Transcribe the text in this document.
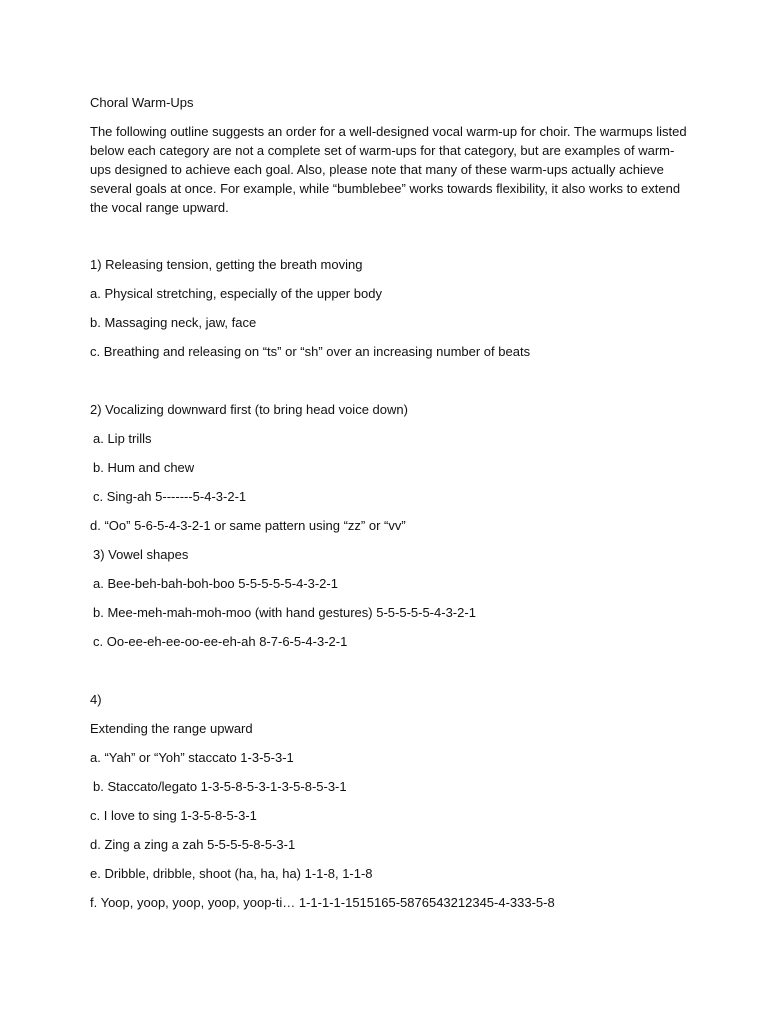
Choral Warm-Ups
The following outline suggests an order for a well-designed vocal warm-up for choir. The warmups listed
below each category are not a complete set of warm-ups for that category, but are examples of warm-
ups designed to achieve each goal. Also, please note that many of these warm-ups actually achieve
several goals at once. For example, while “bumblebee” works towards flexibility, it also works to extend
the vocal range upward.
1) Releasing tension, getting the breath moving
a. Physical stretching, especially of the upper body
b. Massaging neck, jaw, face
c. Breathing and releasing on “ts” or “sh” over an increasing number of beats
2) Vocalizing downward first (to bring head voice down)
a. Lip trills
b. Hum and chew
c. Sing-ah 5-------5-4-3-2-1
d. “Oo” 5-6-5-4-3-2-1 or same pattern using “zz” or “vv”
3) Vowel shapes
a. Bee-beh-bah-boh-boo 5-5-5-5-5-4-3-2-1
b. Mee-meh-mah-moh-moo (with hand gestures) 5-5-5-5-5-4-3-2-1
c. Oo-ee-eh-ee-oo-ee-eh-ah 8-7-6-5-4-3-2-1
4)
Extending the range upward
a. “Yah” or “Yoh” staccato 1-3-5-3-1
b. Staccato/legato 1-3-5-8-5-3-1-3-5-8-5-3-1
c. I love to sing 1-3-5-8-5-3-1
d. Zing a zing a zah 5-5-5-5-8-5-3-1
e. Dribble, dribble, shoot (ha, ha, ha) 1-1-8, 1-1-8
f. Yoop, yoop, yoop, yoop, yoop-ti… 1-1-1-1-1515165-5876543212345-4-333-5-8
